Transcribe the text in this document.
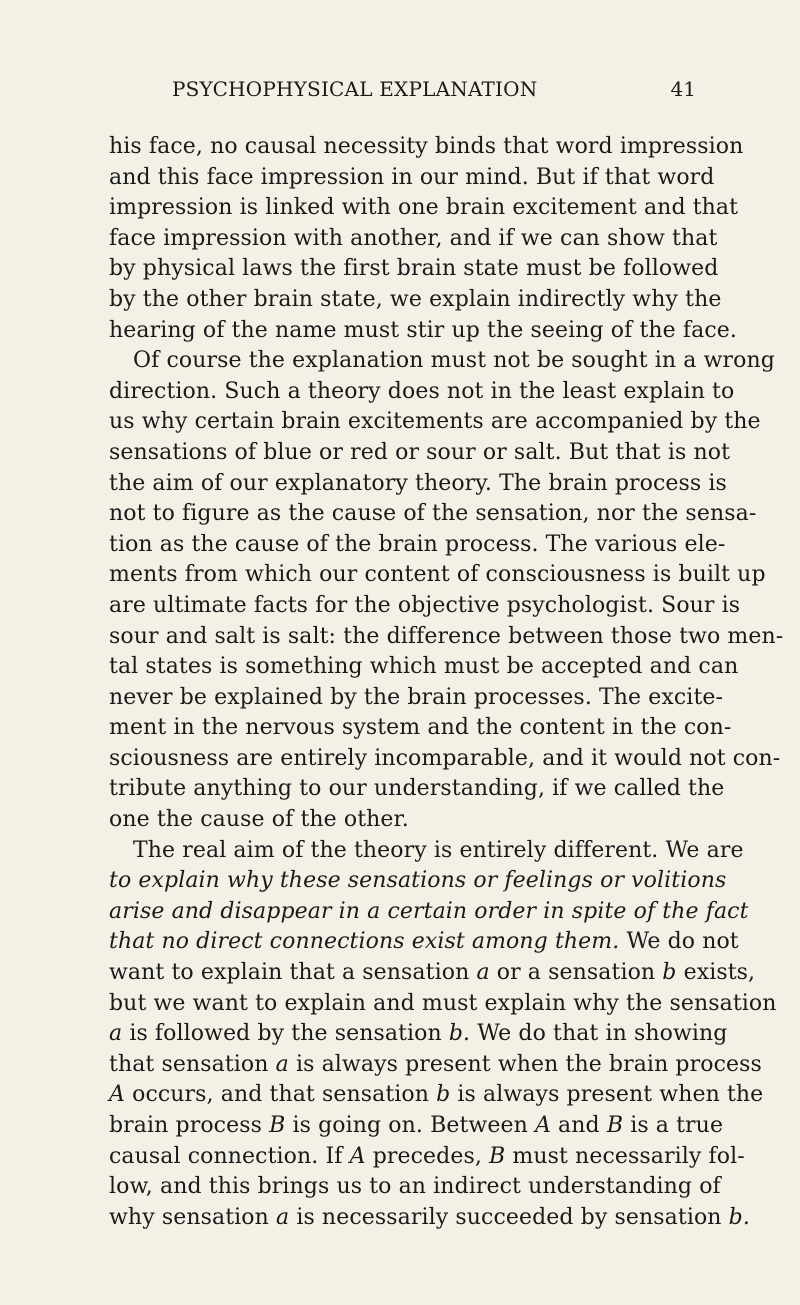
PSYCHOPHYSICAL EXPLANATION	41
his face, no causal necessity binds that word impression
and this face impression in our mind. But if that word
impression is linked with one brain excitement and that
face impression with another, and if we can show that
by physical laws the first brain state must be followed
by the other brain state, we explain indirectly why the
hearing of the name must stir up the seeing of the face.
Of course the explanation must not be sought in a wrong
direction. Such a theory does not in the least explain to
us why certain brain excitements are accompanied by the
sensations of blue or red or sour or salt. But that is not
the aim of our explanatory theory. The brain process is
not to figure as the cause of the sensation, nor the sensa-
tion as the cause of the brain process. The various ele-
ments from which our content of consciousness is built up
are ultimate facts for the objective psychologist. Sour is
sour and salt is salt: the difference between those two men-
tal states is something which must be accepted and can
never be explained by the brain processes. The excite-
ment in the nervous system and the content in the con-
sciousness are entirely incomparable, and it would not con-
tribute anything to our understanding, if we called the
one the cause of the other.
The real aim of the theory is entirely different. We are
to explain why these sensations or feelings or volitions
arise and disappear in a certain order in spite of the fact
that no direct connections exist among them. We do not
want to explain that a sensation a or a sensation b exists,
but we want to explain and must explain why the sensation
a is followed by the sensation b. We do that in showing
that sensation a is always present when the brain process
A occurs, and that sensation b is always present when the
brain process B is going on. Between A and B is a true
causal connection. If A precedes, B must necessarily fol-
low, and this brings us to an indirect understanding of
why sensation a is necessarily succeeded by sensation b.
